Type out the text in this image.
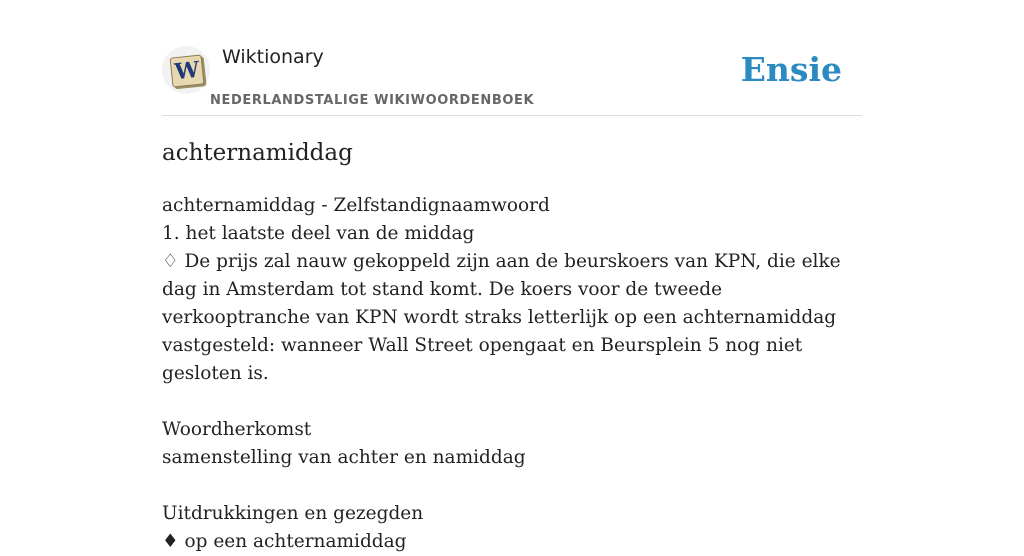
W Wiktionary
NEDERLANDSTALIGE WIKIWOORDENBOEK
Ensie
achternamiddag
achternamiddag - Zelfstandignaamwoord
1. het laatste deel van de middag
♢ De prijs zal nauw gekoppeld zijn aan de beurskoers van KPN, die elke dag in Amsterdam tot stand komt. De koers voor de tweede verkooptranche van KPN wordt straks letterlijk op een achternamiddag vastgesteld: wanneer Wall Street opengaat en Beursplein 5 nog niet gesloten is.
Woordherkomst
samenstelling van achter en namiddag
Uitdrukkingen en gezegden
♦ op een achternamiddag
